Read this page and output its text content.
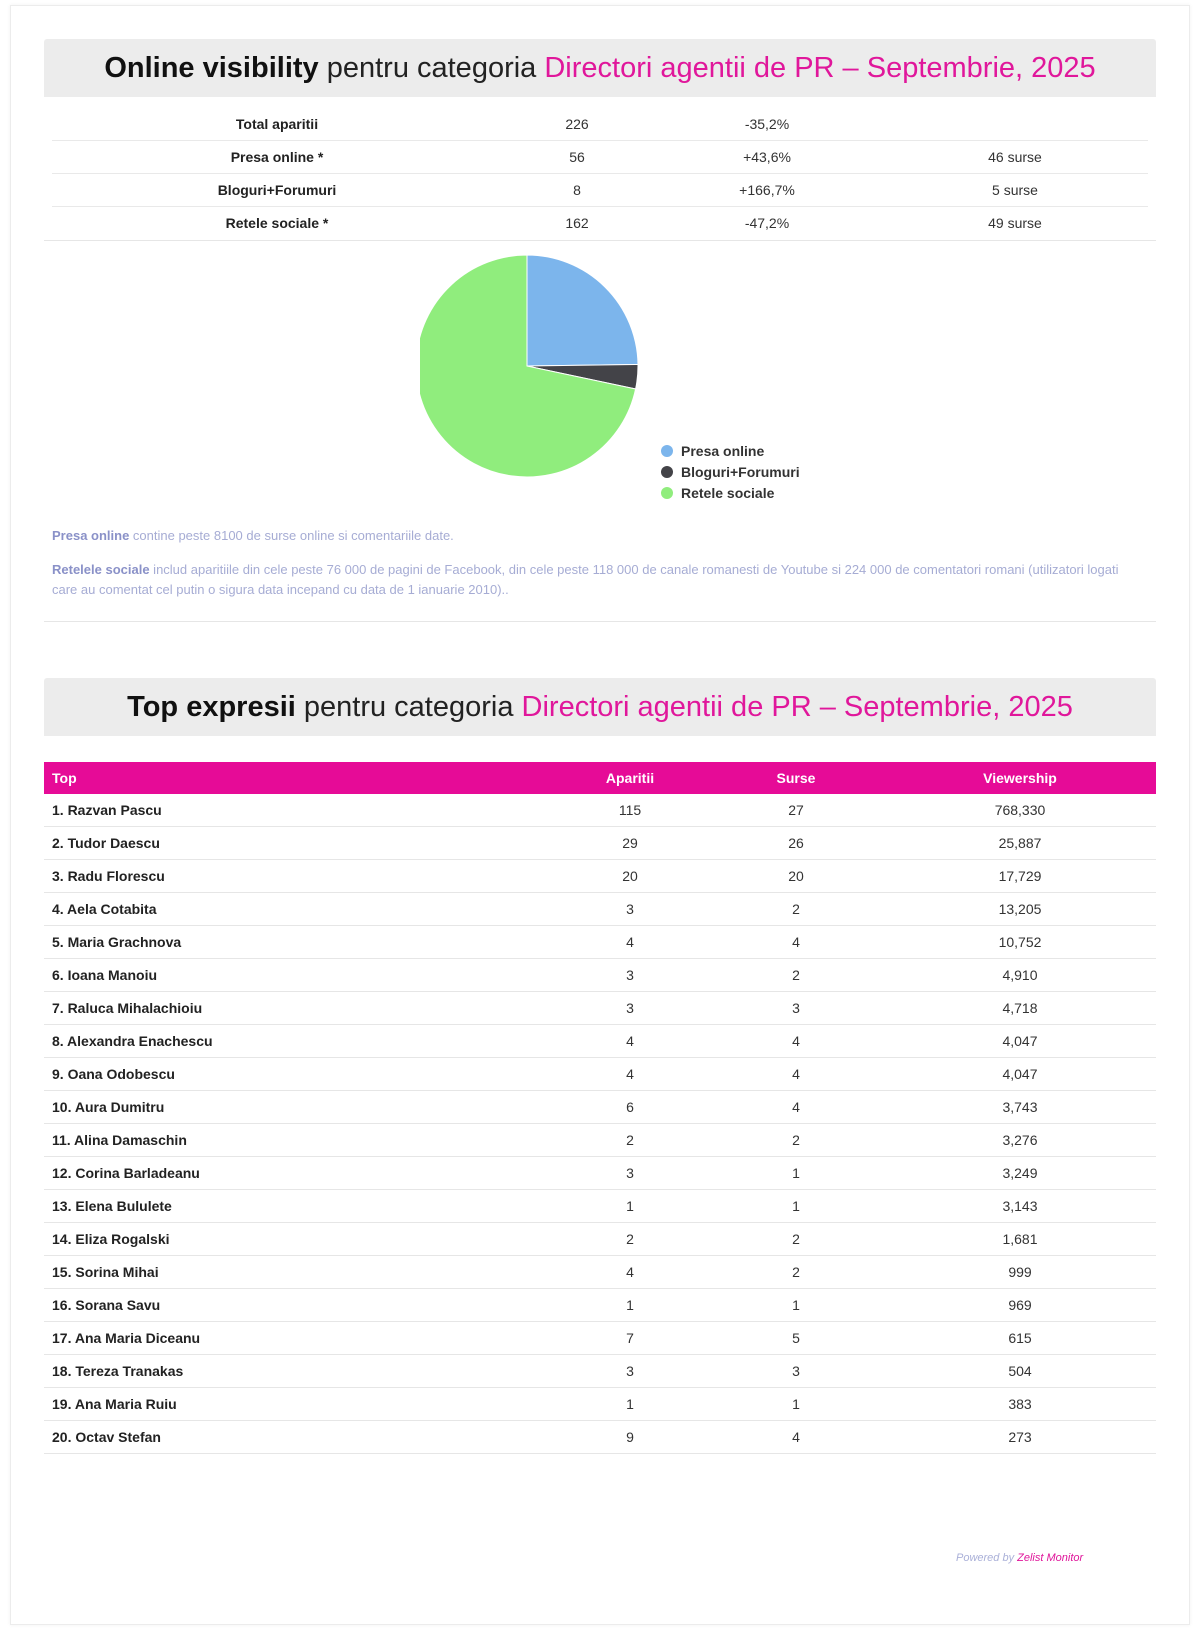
Online visibility pentru categoria Directori agentii de PR – Septembrie, 2025
Total aparitii	226	-35,2%	
Presa online *	56	+43,6%	46 surse
Bloguri+Forumuri	8	+166,7%	5 surse
Retele sociale *	162	-47,2%	49 surse
Presa online
Bloguri+Forumuri
Retele sociale
Presa online contine peste 8100 de surse online si comentariile date.
Retelele sociale includ aparitiile din cele peste 76 000 de pagini de Facebook, din cele peste 118 000 de canale romanesti de Youtube si 224 000 de comentatori romani (utilizatori logati care au comentat cel putin o sigura data incepand cu data de 1 ianuarie 2010)..
Top expresii pentru categoria Directori agentii de PR – Septembrie, 2025
Top	Aparitii	Surse	Viewership
1. Razvan Pascu	115	27	768,330
2. Tudor Daescu	29	26	25,887
3. Radu Florescu	20	20	17,729
4. Aela Cotabita	3	2	13,205
5. Maria Grachnova	4	4	10,752
6. Ioana Manoiu	3	2	4,910
7. Raluca Mihalachioiu	3	3	4,718
8. Alexandra Enachescu	4	4	4,047
9. Oana Odobescu	4	4	4,047
10. Aura Dumitru	6	4	3,743
11. Alina Damaschin	2	2	3,276
12. Corina Barladeanu	3	1	3,249
13. Elena Bululete	1	1	3,143
14. Eliza Rogalski	2	2	1,681
15. Sorina Mihai	4	2	999
16. Sorana Savu	1	1	969
17. Ana Maria Diceanu	7	5	615
18. Tereza Tranakas	3	3	504
19. Ana Maria Ruiu	1	1	383
20. Octav Stefan	9	4	273
Powered by Zelist Monitor
